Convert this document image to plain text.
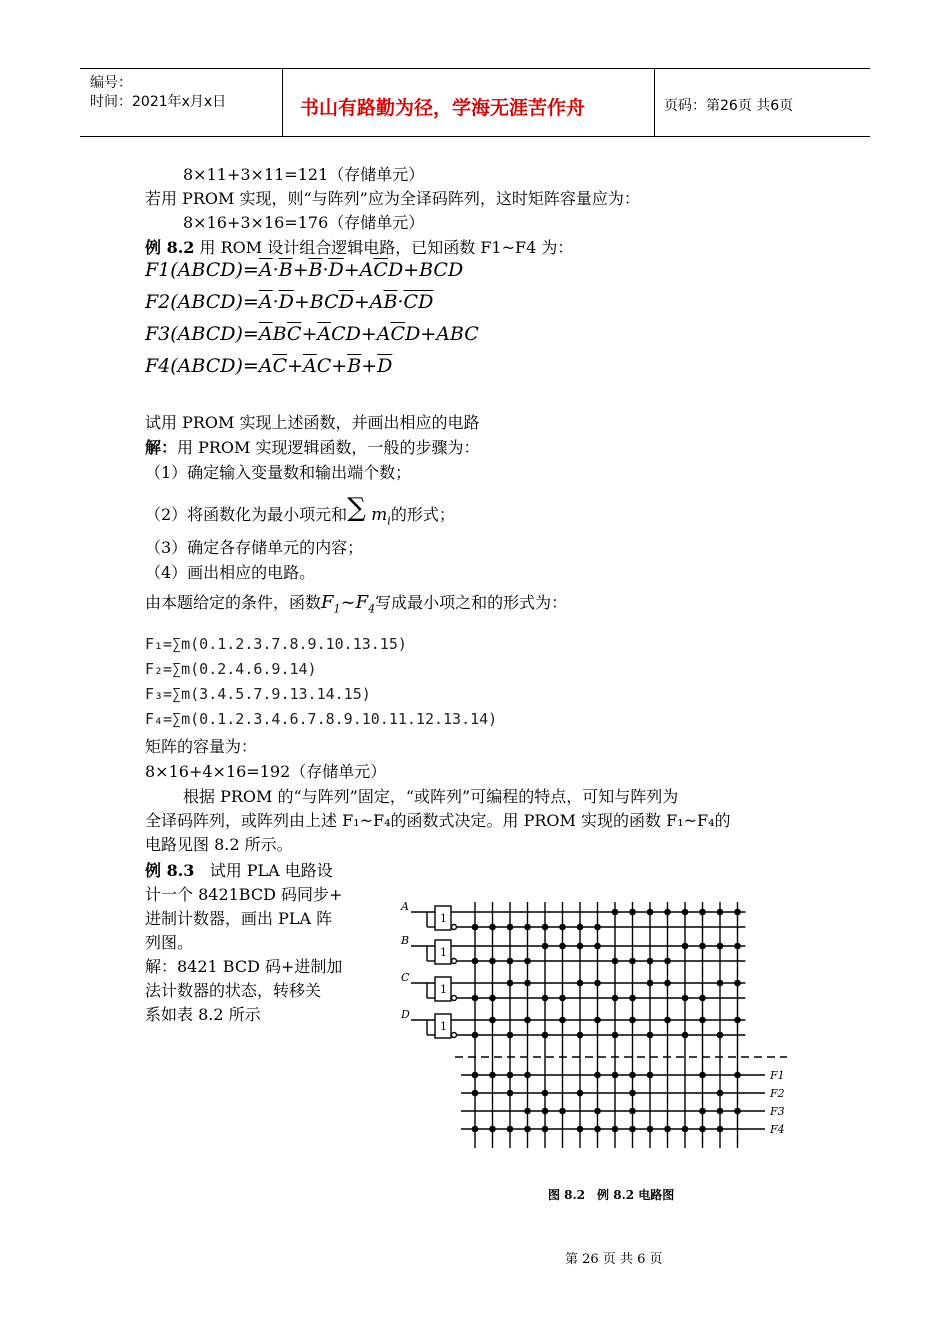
编号：
时间：2021年x月x日	书山有路勤为径，学海无涯苦作舟	页码：第26页 共6页
8×11+3×11=121（存储单元）
若用 PROM 实现，则“与阵列”应为全译码阵列，这时矩阵容量应为：
8×16+3×16=176（存储单元）
例 8.2 用 ROM 设计组合逻辑电路，已知函数 F1~F4 为：
$F1(ABCD)=\overline{A}\cdot\overline{B}+\overline{B}\cdot\overline{D}+A\overline{C}D+BCD$
$F2(ABCD)=\overline{A}\cdot\overline{D}+BC\overline{D}+A\overline{B}\cdot\overline{C}\overline{D}$
$F3(ABCD)=\overline{A}B\overline{C}+\overline{A}CD+A\overline{C}D+ABC$
$F4(ABCD)=A\overline{C}+\overline{A}C+\overline{B}+\overline{D}$
试用 PROM 实现上述函数，并画出相应的电路
解：用 PROM 实现逻辑函数，一般的步骤为：
（1）确定输入变量数和输出端个数；
（2）将函数化为最小项元和∑ $m_i$的形式；
（3）确定各存储单元的内容；
（4）画出相应的电路。
由本题给定的条件，函数$F_1\sim F_4$写成最小项之和的形式为：
F₁=∑m(0.1.2.3.7.8.9.10.13.15)
F₂=∑m(0.2.4.6.9.14)
F₃=∑m(3.4.5.7.9.13.14.15)
F₄=∑m(0.1.2.3.4.6.7.8.9.10.11.12.13.14)
矩阵的容量为：
8×16+4×16=192（存储单元）
根据 PROM 的“与阵列”固定，“或阵列”可编程的特点，可知与阵列为
全译码阵列，或阵列由上述 F₁~F₄的函数式决定。用 PROM 实现的函数 F₁~F₄的
电路见图 8.2 所示。
例 8.3 试用 PLA 电路设
计一个 8421BCD 码同步+
进制计数器，画出 PLA 阵
列图。
解：8421 BCD 码+进制加
法计数器的状态，转移关
系如表 8.2 所示
A
1
B
1
C
1
D
1
F1
F2
F3
F4
图 8.2　例 8.2 电路图
第 26 页 共 6 页
